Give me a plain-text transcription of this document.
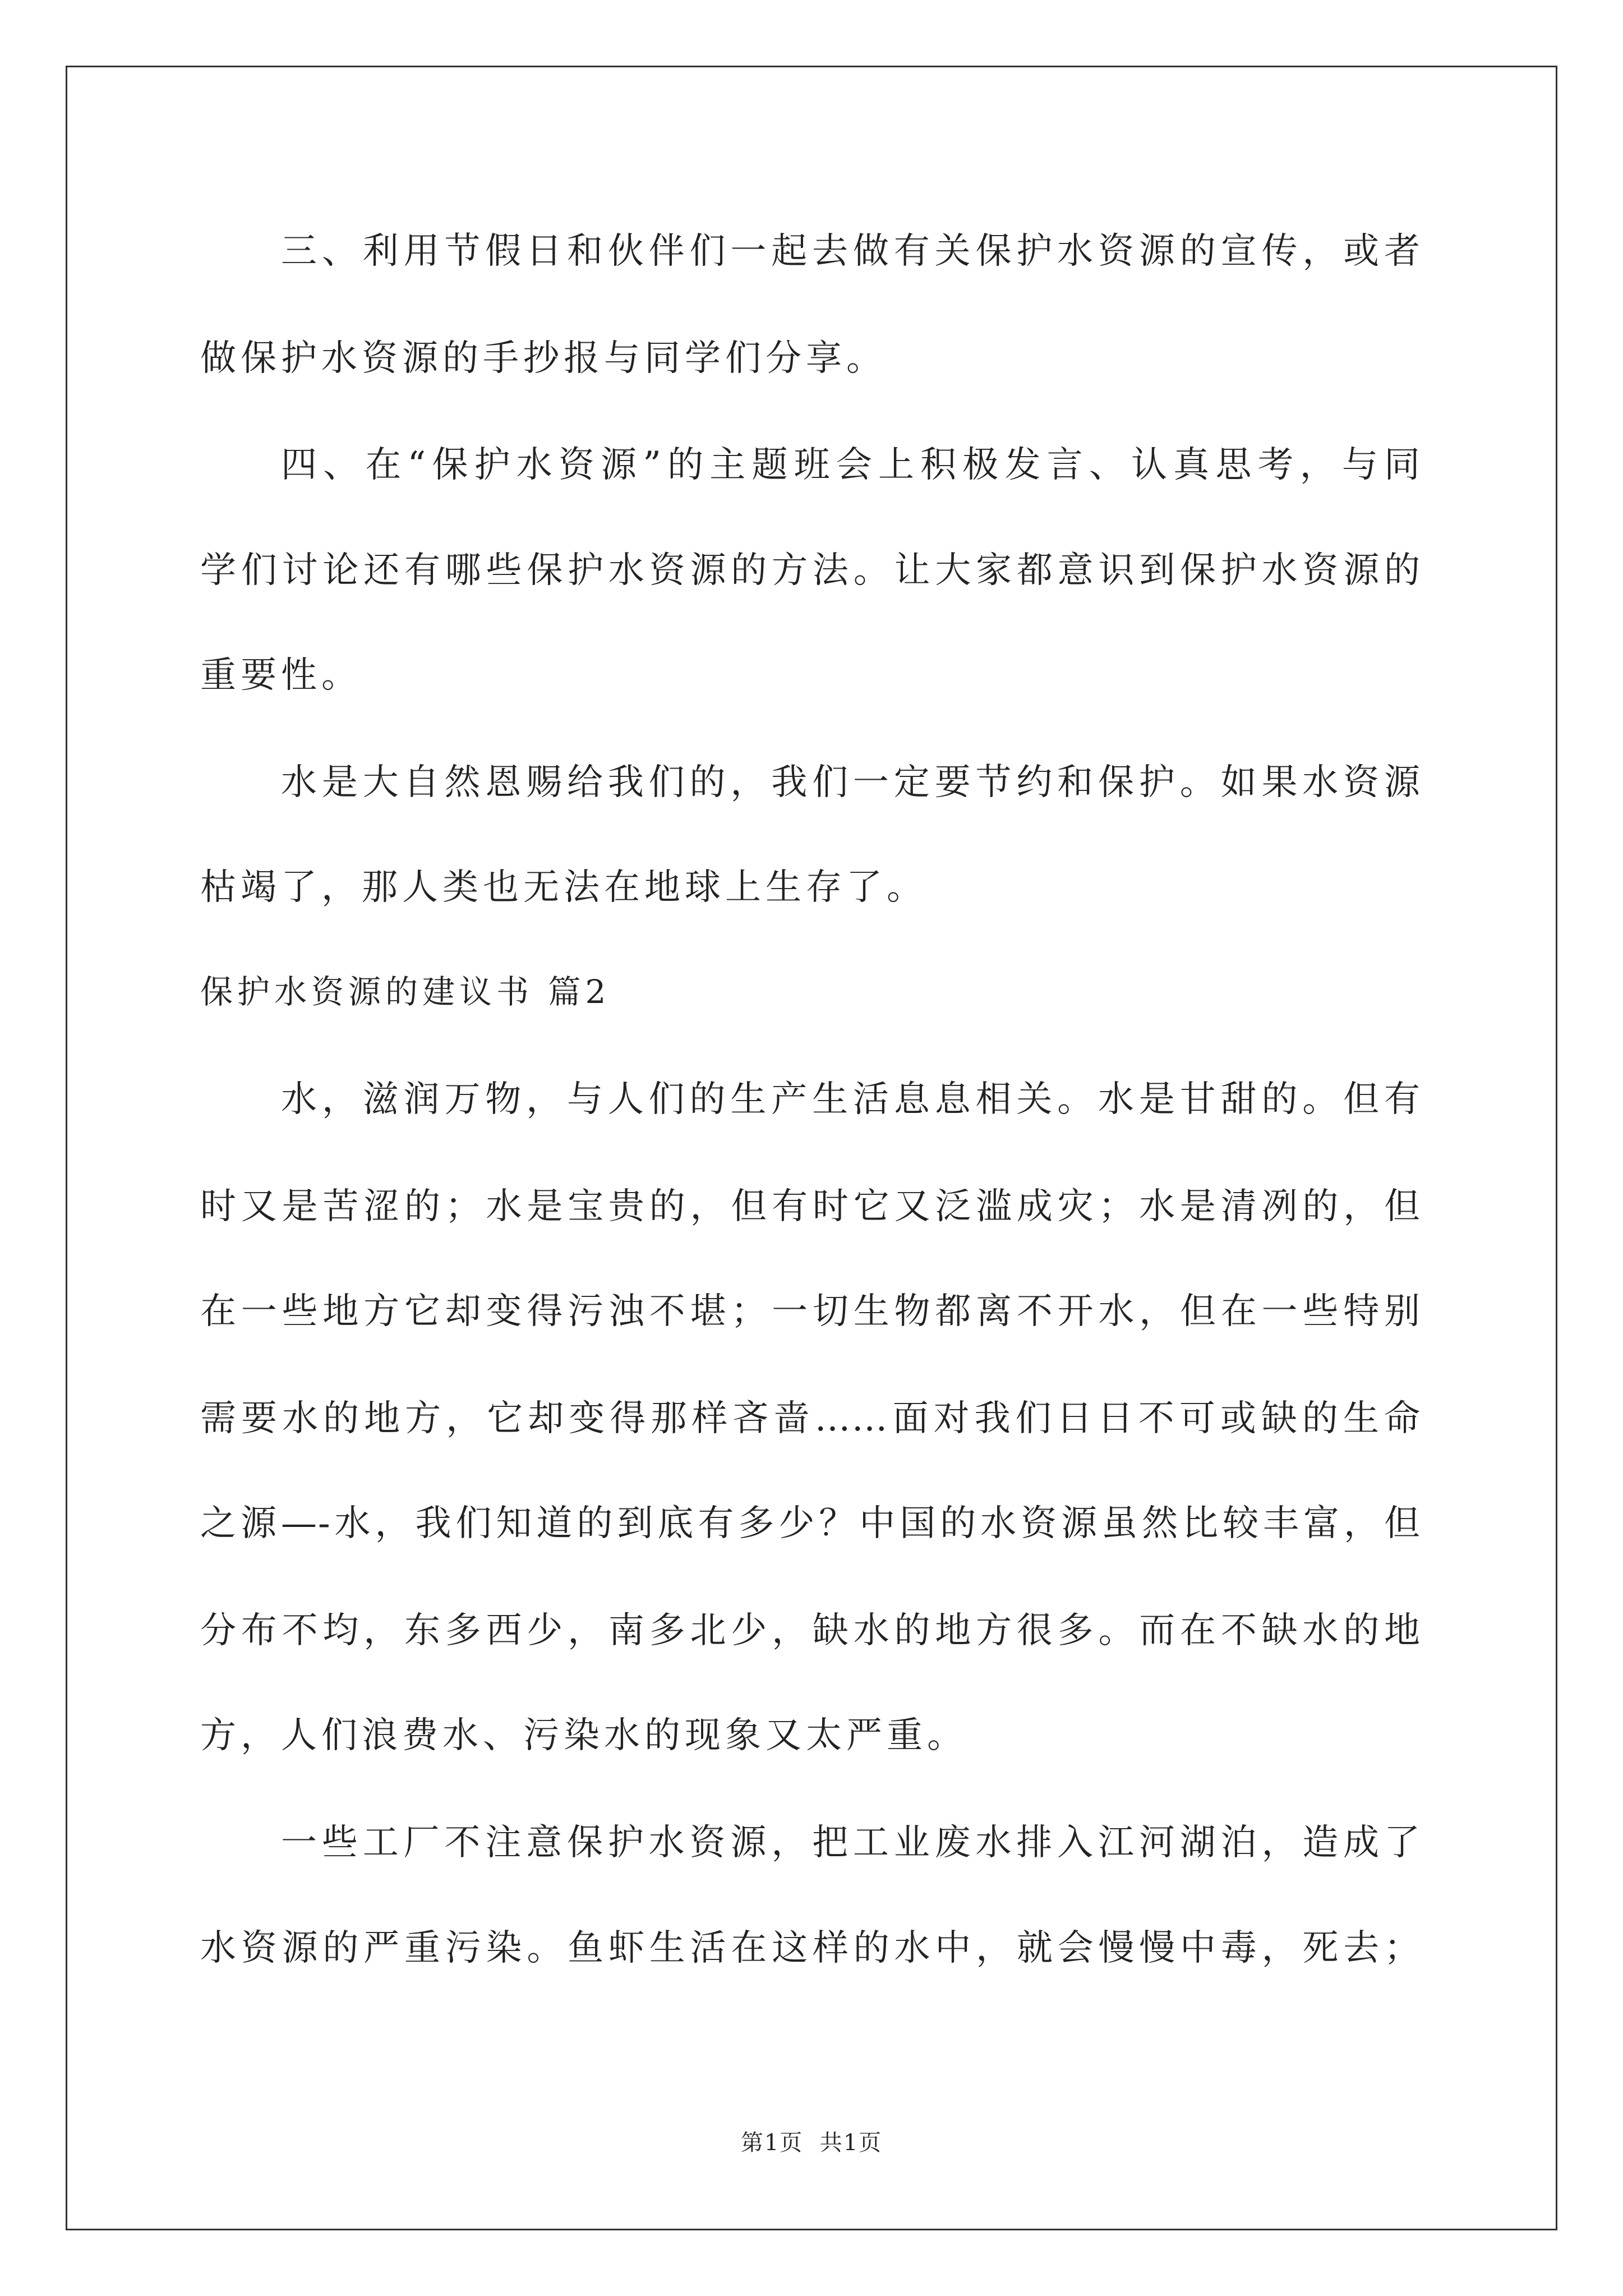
三、利用节假日和伙伴们一起去做有关保护水资源的宣传，或者
做保护水资源的手抄报与同学们分享。
四、在“保护水资源”的主题班会上积极发言、认真思考，与同
学们讨论还有哪些保护水资源的方法。让大家都意识到保护水资源的
重要性。
水是大自然恩赐给我们的，我们一定要节约和保护。如果水资源
枯竭了，那人类也无法在地球上生存了。
保护水资源的建议书 篇2
水，滋润万物，与人们的生产生活息息相关。水是甘甜的。但有
时又是苦涩的；水是宝贵的，但有时它又泛滥成灾；水是清冽的，但
在一些地方它却变得污浊不堪；一切生物都离不开水，但在一些特别
需要水的地方，它却变得那样吝啬……面对我们日日不可或缺的生命
之源—-水，我们知道的到底有多少？中国的水资源虽然比较丰富，但
分布不均，东多西少，南多北少，缺水的地方很多。而在不缺水的地
方，人们浪费水、污染水的现象又太严重。
一些工厂不注意保护水资源，把工业废水排入江河湖泊，造成了
水资源的严重污染。鱼虾生活在这样的水中，就会慢慢中毒，死去；
第1页  共1页
